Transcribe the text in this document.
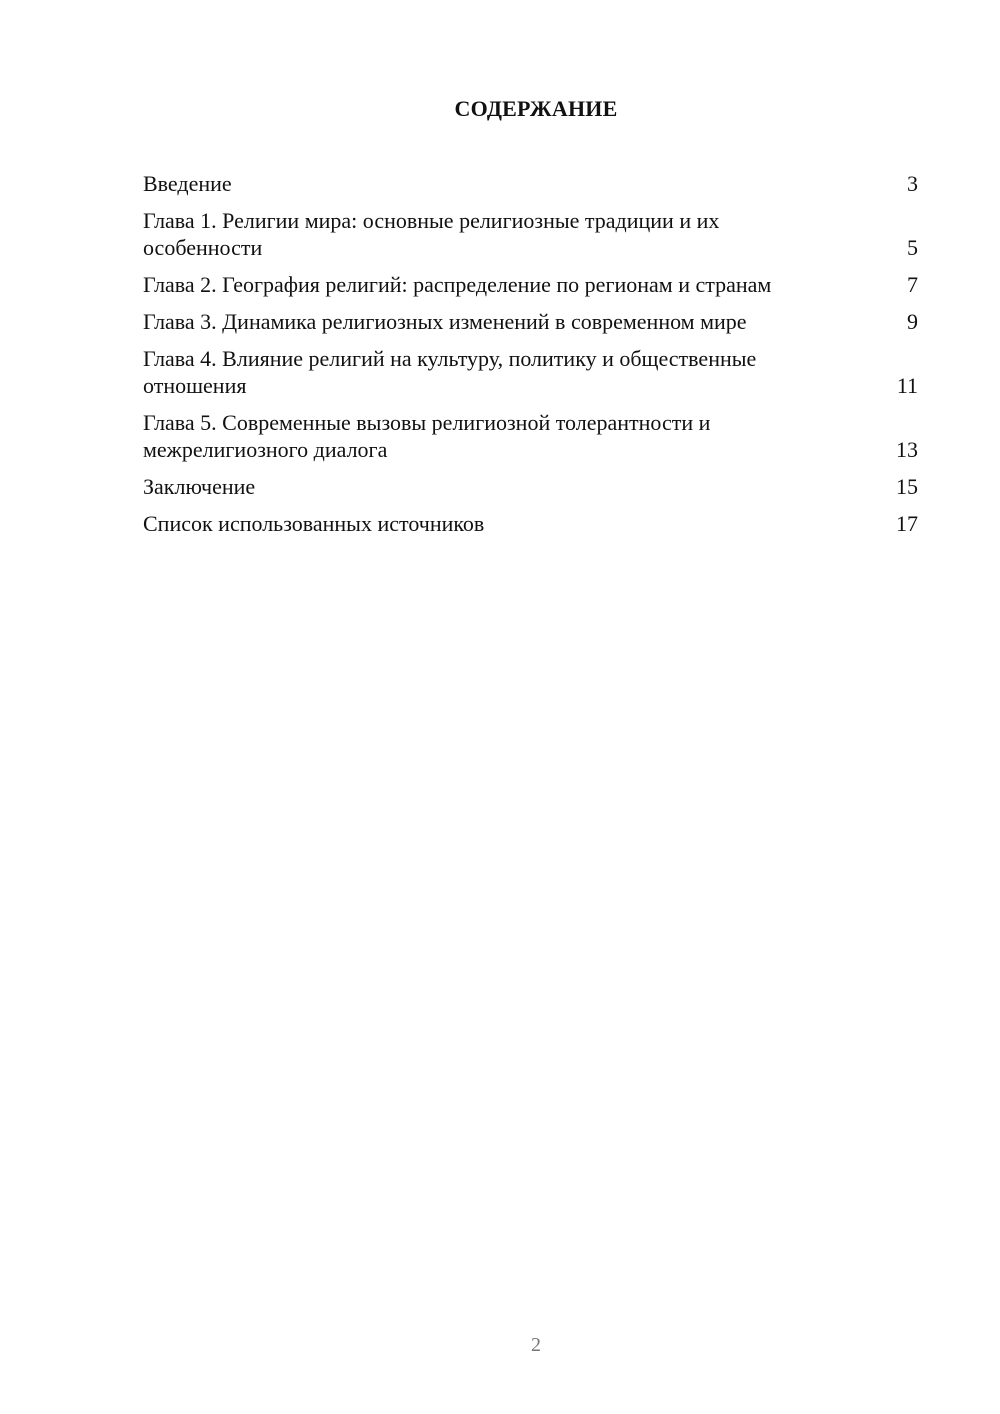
СОДЕРЖАНИЕ
Введение	3
Глава 1. Религии мира: основные религиозные традиции и их особенности	5
Глава 2. География религий: распределение по регионам и странам	7
Глава 3. Динамика религиозных изменений в современном мире	9
Глава 4. Влияние религий на культуру, политику и общественные отношения	11
Глава 5. Современные вызовы религиозной толерантности и межрелигиозного диалога	13
Заключение	15
Список использованных источников	17
2
